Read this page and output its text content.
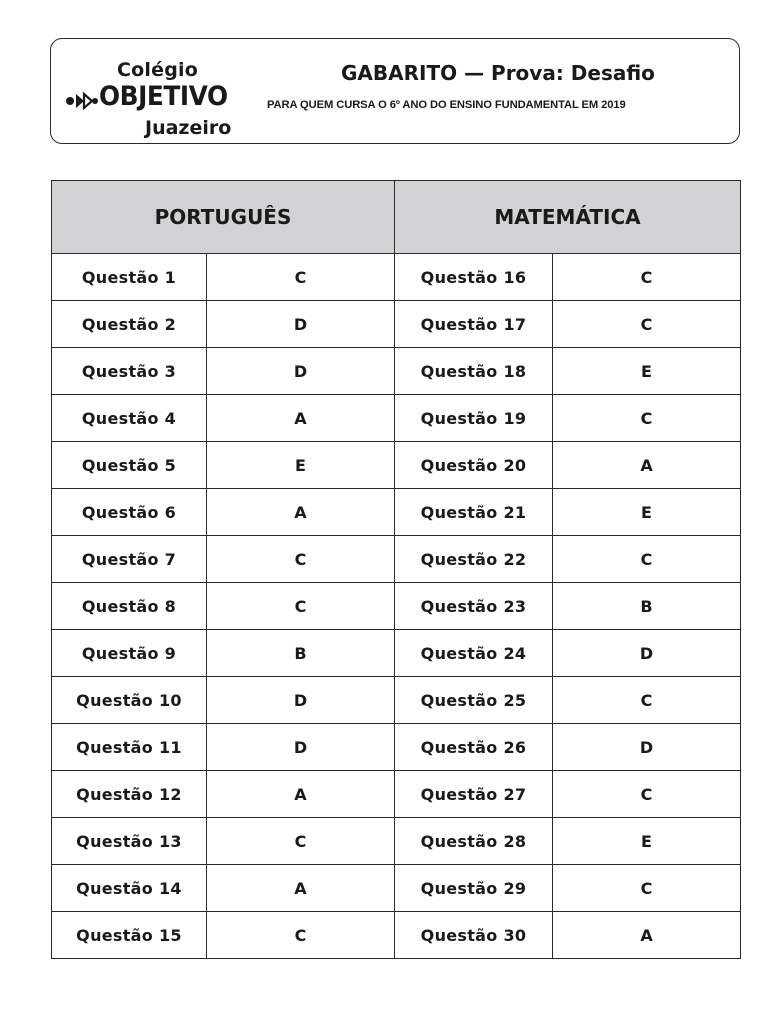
Colégio
OBJETIVO
Juazeiro
GABARITO — Prova: Desafio
PARA QUEM CURSA O 6º ANO DO ENSINO FUNDAMENTAL EM 2019
PORTUGUÊS		MATEMÁTICA	
Questão 1	C	Questão 16	C
Questão 2	D	Questão 17	C
Questão 3	D	Questão 18	E
Questão 4	A	Questão 19	C
Questão 5	E	Questão 20	A
Questão 6	A	Questão 21	E
Questão 7	C	Questão 22	C
Questão 8	C	Questão 23	B
Questão 9	B	Questão 24	D
Questão 10	D	Questão 25	C
Questão 11	D	Questão 26	D
Questão 12	A	Questão 27	C
Questão 13	C	Questão 28	E
Questão 14	A	Questão 29	C
Questão 15	C	Questão 30	A
